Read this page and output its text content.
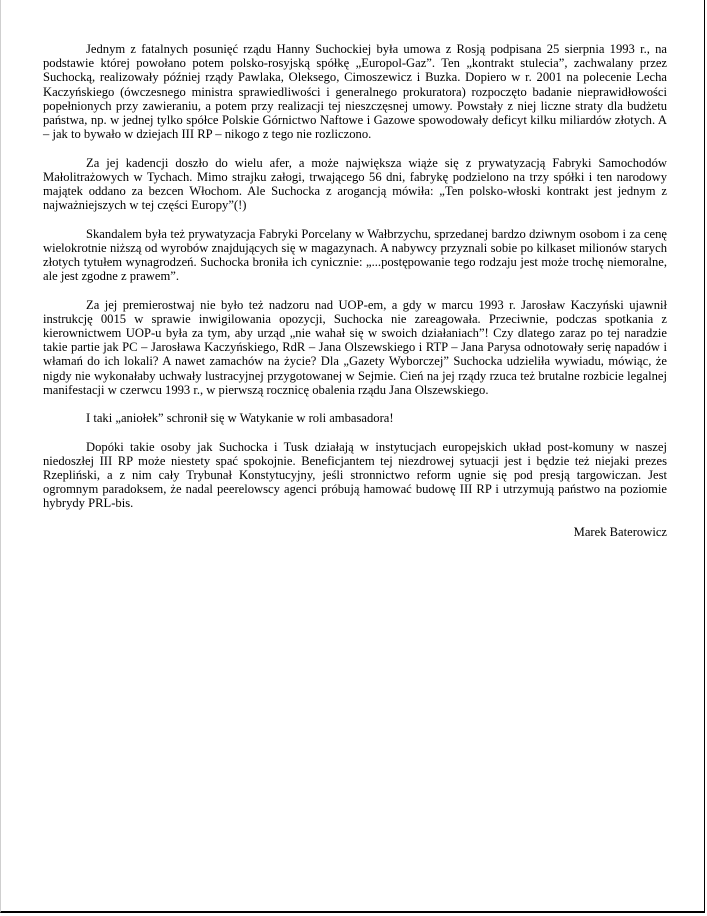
Jednym z fatalnych posunięć rządu Hanny Suchockiej była umowa z Rosją podpisana 25 sierpnia 1993 r., na podstawie której powołano potem polsko-rosyjską spółkę „Europol-Gaz”. Ten „kontrakt stulecia”, zachwalany przez Suchocką, realizowały później rządy Pawlaka, Oleksego, Cimoszewicz i Buzka. Dopiero w r. 2001 na polecenie Lecha Kaczyńskiego (ówczesnego ministra sprawiedliwości i generalnego prokuratora) rozpoczęto badanie nieprawidłowości popełnionych przy zawieraniu, a potem przy realizacji tej nieszczęsnej umowy. Powstały z niej liczne straty dla budżetu państwa, np. w jednej tylko spółce Polskie Górnictwo Naftowe i Gazowe spowodowały deficyt kilku miliardów złotych. A – jak to bywało w dziejach III RP – nikogo z tego nie rozliczono.

Za jej kadencji doszło do wielu afer, a może największa wiąże się z prywatyzacją Fabryki Samochodów Małolitrażowych w Tychach. Mimo strajku załogi, trwającego 56 dni, fabrykę podzielono na trzy spółki i ten narodowy majątek oddano za bezcen Włochom. Ale Suchocka z arogancją mówiła: „Ten polsko-włoski kontrakt jest jednym z najważniejszych w tej części Europy”(!)

Skandalem była też prywatyzacja Fabryki Porcelany w Wałbrzychu, sprzedanej bardzo dziwnym osobom i za cenę wielokrotnie niższą od wyrobów znajdujących się w magazynach. A nabywcy przyznali sobie po kilkaset milionów starych złotych tytułem wynagrodzeń. Suchocka broniła ich cynicznie: „...postępowanie tego rodzaju jest może trochę niemoralne, ale jest zgodne z prawem”.

Za jej premierostwaj nie było też nadzoru nad UOP-em, a gdy w marcu 1993 r. Jarosław Kaczyński ujawnił instrukcję 0015 w sprawie inwigilowania opozycji, Suchocka nie zareagowała. Przeciwnie, podczas spotkania z kierownictwem UOP-u była za tym, aby urząd „nie wahał się w swoich działaniach”! Czy dlatego zaraz po tej naradzie takie partie jak PC – Jarosława Kaczyńskiego, RdR – Jana Olszewskiego i RTP – Jana Parysa odnotowały serię napadów i włamań do ich lokali? A nawet zamachów na życie? Dla „Gazety Wyborczej” Suchocka udzieliła wywiadu, mówiąc, że nigdy nie wykonałaby uchwały lustracyjnej przygotowanej w Sejmie. Cień na jej rządy rzuca też brutalne rozbicie legalnej manifestacji w czerwcu 1993 r., w pierwszą rocznicę obalenia rządu Jana Olszewskiego.

I taki „aniołek” schronił się w Watykanie w roli ambasadora!

Dopóki takie osoby jak Suchocka i Tusk działają w instytucjach europejskich układ post-komuny w naszej niedoszłej III RP może niestety spać spokojnie. Beneficjantem tej niezdrowej sytuacji jest i będzie też niejaki prezes Rzepliński, a z nim cały Trybunał Konstytucyjny, jeśli stronnictwo reform ugnie się pod presją targowiczan. Jest ogromnym paradoksem, że nadal peerelowscy agenci próbują hamować budowę III RP i utrzymują państwo na poziomie hybrydy PRL-bis.

Marek Baterowicz
